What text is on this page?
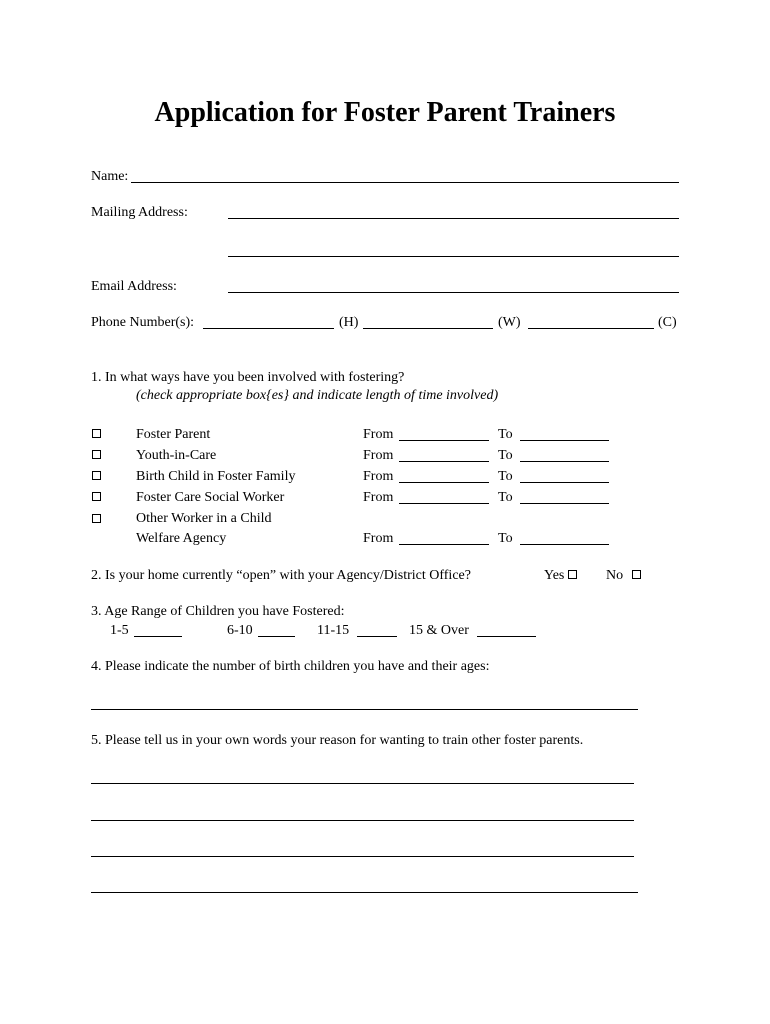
Application for Foster Parent Trainers
Name:
Mailing Address:
Email Address:
Phone Number(s):	(H)	(W)	(C)
1. In what ways have you been involved with fostering?
(check appropriate box{es} and indicate length of time involved)
Foster Parent	From	To
Youth-in-Care	From	To
Birth Child in Foster Family	From	To
Foster Care Social Worker	From	To
Other Worker in a Child
Welfare Agency	From	To
2. Is your home currently “open” with your Agency/District Office?	Yes	No
3. Age Range of Children you have Fostered:
1-5	6-10	11-15	15 & Over
4. Please indicate the number of birth children you have and their ages:
5. Please tell us in your own words your reason for wanting to train other foster parents.
